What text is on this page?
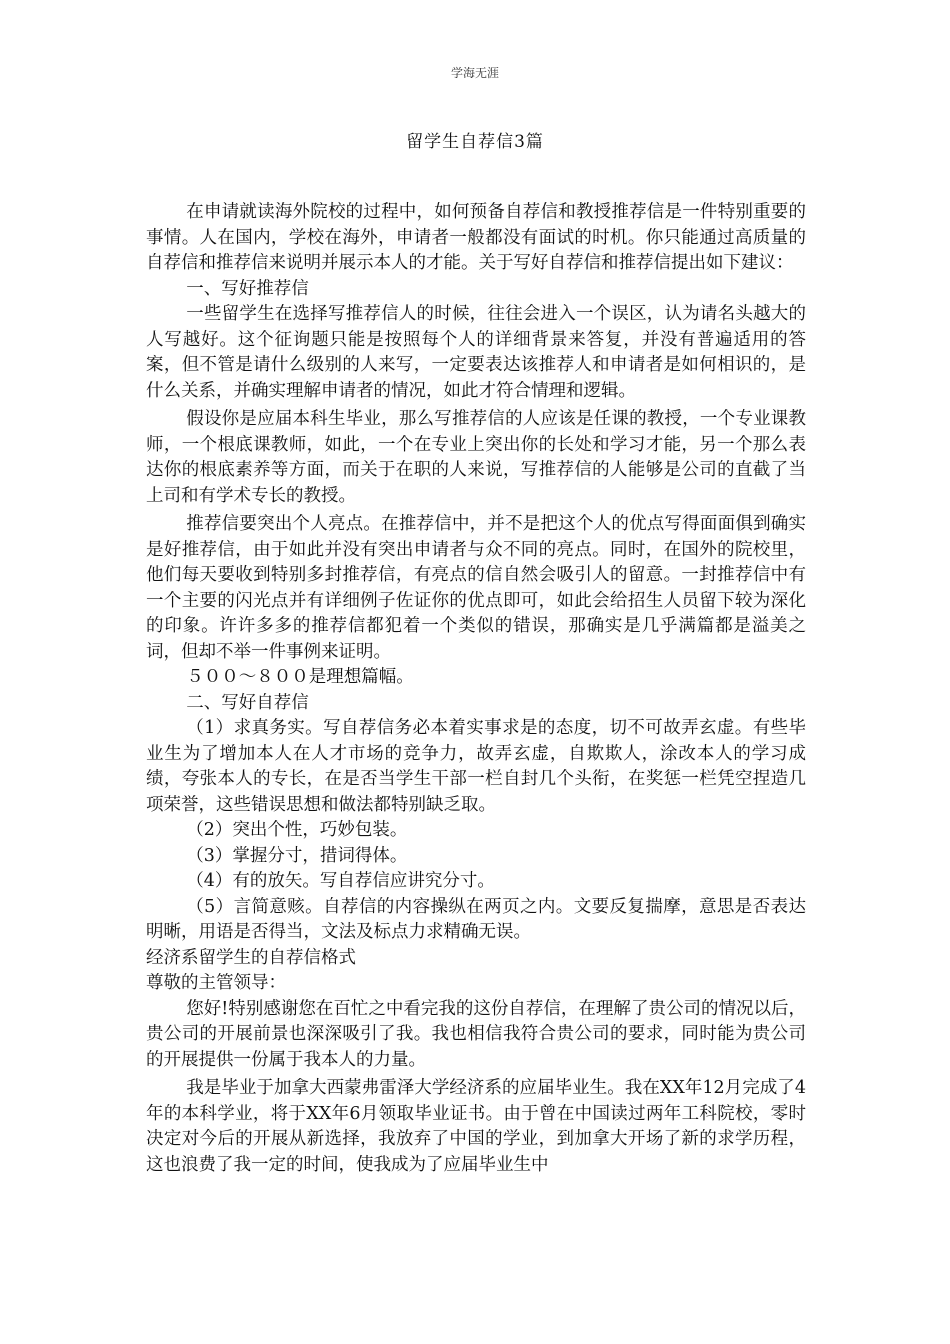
学海无涯
留学生自荐信3篇

在申请就读海外院校的过程中，如何预备自荐信和教授推荐信是一件特别重要的事情。人在国内，学校在海外，申请者一般都没有面试的时机。你只能通过高质量的自荐信和推荐信来说明并展示本人的才能。关于写好自荐信和推荐信提出如下建议：

一、写好推荐信

一些留学生在选择写推荐信人的时候，往往会进入一个误区，认为请名头越大的人写越好。这个征询题只能是按照每个人的详细背景来答复，并没有普遍适用的答案，但不管是请什么级别的人来写，一定要表达该推荐人和申请者是如何相识的，是什么关系，并确实理解申请者的情况，如此才符合情理和逻辑。

假设你是应届本科生毕业，那么写推荐信的人应该是任课的教授，一个专业课教师，一个根底课教师，如此，一个在专业上突出你的长处和学习才能，另一个那么表达你的根底素养等方面，而关于在职的人来说，写推荐信的人能够是公司的直截了当上司和有学术专长的教授。

推荐信要突出个人亮点。在推荐信中，并不是把这个人的优点写得面面俱到确实是好推荐信，由于如此并没有突出申请者与众不同的亮点。同时，在国外的院校里，他们每天要收到特别多封推荐信，有亮点的信自然会吸引人的留意。一封推荐信中有一个主要的闪光点并有详细例子佐证你的优点即可，如此会给招生人员留下较为深化的印象。许许多多的推荐信都犯着一个类似的错误，那确实是几乎满篇都是溢美之词，但却不举一件事例来证明。

５００～８００是理想篇幅。

二、写好自荐信

（1）求真务实。写自荐信务必本着实事求是的态度，切不可故弄玄虚。有些毕业生为了增加本人在人才市场的竞争力，故弄玄虚，自欺欺人，涂改本人的学习成绩，夸张本人的专长，在是否当学生干部一栏自封几个头衔，在奖惩一栏凭空捏造几项荣誉，这些错误思想和做法都特别缺乏取。

（2）突出个性，巧妙包装。

（3）掌握分寸，措词得体。

（4）有的放矢。写自荐信应讲究分寸。

（5）言简意赅。自荐信的内容操纵在两页之内。文要反复揣摩，意思是否表达明晰，用语是否得当，文法及标点力求精确无误。

经济系留学生的自荐信格式

尊敬的主管领导：

您好!特别感谢您在百忙之中看完我的这份自荐信，在理解了贵公司的情况以后，贵公司的开展前景也深深吸引了我。我也相信我符合贵公司的要求，同时能为贵公司的开展提供一份属于我本人的力量。

我是毕业于加拿大西蒙弗雷泽大学经济系的应届毕业生。我在XX年12月完成了4年的本科学业，将于XX年6月领取毕业证书。由于曾在中国读过两年工科院校，零时决定对今后的开展从新选择，我放弃了中国的学业，到加拿大开场了新的求学历程，这也浪费了我一定的时间，使我成为了应届毕业生中
